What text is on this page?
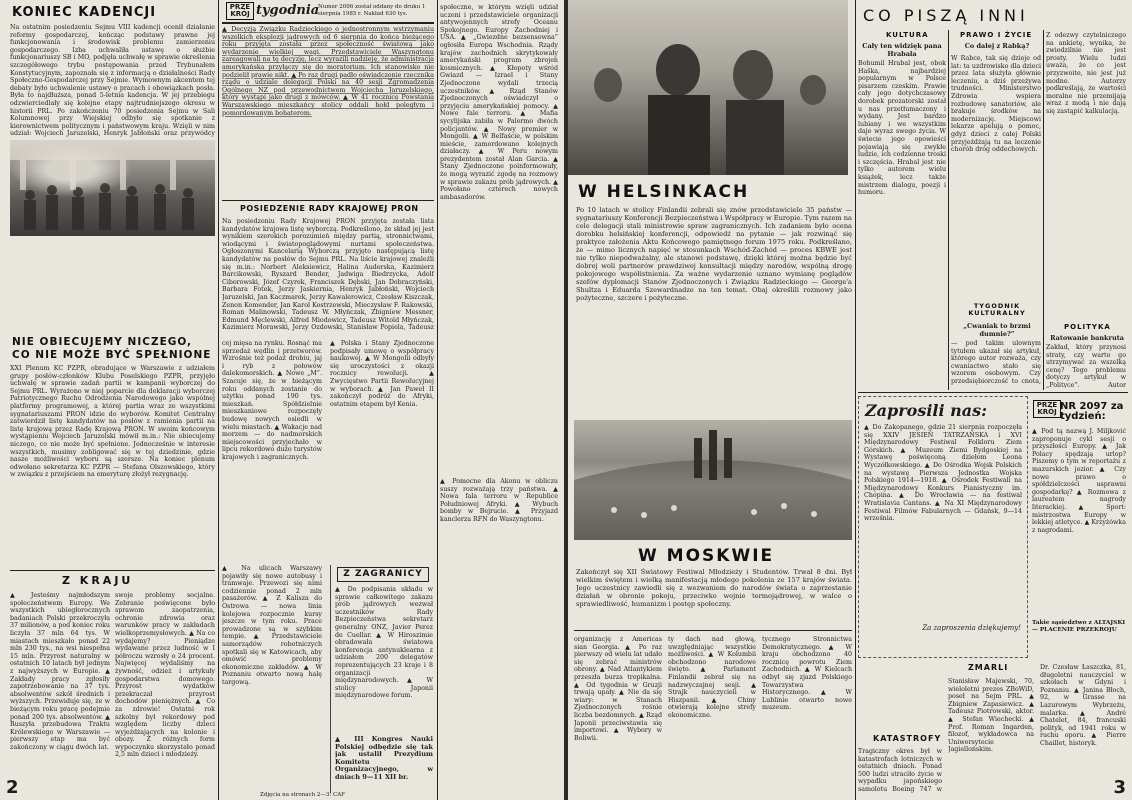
KONIEC KADENCJI
Na ostatnim posiedzeniu Sejmu VIII kadencji ocenił działanie reformy gospodarczej, kończąc podstawy prawne jej funkcjonowania i środowisk problemu zamierzeniu gospodarczego. Izba uchwaliła ustawę o służbie funkcjonariuszy SB i MO, podjęła uchwałę w sprawie określenia szczegółowego trybu postępowania przed Trybunałem Konstytucyjnym, zapoznała się z informacją o działalności Rady Społeczno-Gospodarczej przy Sejmie. Wymownym akcentem tej debaty było uchwalenie ustawy o pracach i obowiązkach posła. Była to najdłuższa, ponad 5-letnia kadencja. W jej przebiegu odzwierciedlały się kolejne etapy najtrudniejszego okresu w historii PRL. Po zakończeniu 70 posiedzenia Sejmu w Sali Kolumnowej przy Wiejskiej odbyło się spotkanie z kierownictwem politycznym i państwowym kraju. Wzięli w nim udział: Wojciech Jaruzelski, Henryk Jabłoński oraz przywódcy
NIE OBIECUJEMY NICZEGO,
CO NIE MOŻE BYĆ SPEŁNIONE
XXI Plenum KC PZPR, obradujące w Warszawie z udziałem grupy posłów-członków Klubu Poselskiego PZPR, przyjęło uchwałę w sprawie zadań partii w kampanii wyborczej do Sejmu PRL. Wyrażono w niej poparcie dla deklaracji wyborczej Patriotycznego Ruchu Odrodzenia Narodowego jako wspólnej platformy programowej, a której partia wraz ze wszystkimi sygnatariuszami PRON idzie do wyborów. Komitet Centralny zatwierdził listę kandydatów na posłów z ramienia partii na listę krajową przez Radę Krajową PRON. W swoim końcowym wystąpieniu Wojciech Jaruzelski mówił m.in.: Nie obiecujemy niczego, co nie może być spełnione. Jednocześnie w interesie wszystkich, musimy zobligować się w tej dziedzinie, gdzie nasze możliwości wyboru są szersze. Na koniec plenum odwołano sekretarza KC PZPR — Stefana Olszowskiego, który w związku z przejściem na emeryturę złożył rezygnację.
Z KRAJU
▲ Jesteśmy najmłodszym społeczeństwem Europy. We wszystkich ubiegłorocznych badaniach Polski przekroczyła 37 milionów, a pod koniec roku liczyła 37 mln 64 tys. W miastach mieszkało ponad 22 mln 230 tys., na wsi niespełna 15 mln. Przyrost naturalny w ostatnich 10 latach był jednym z najwyższych w Europie. ▲ Zakłady pracy zgłosiły zapotrzebowanie na 37 tys. absolwentów szkół średnich i wyższych. Przewiduje się, że w bieżącym roku pracę podejmie ponad 200 tys. absolwentów. ▲ Ruszyła przebudowa Traktu Królewskiego w Warszawie — pierwszy etap ma być zakończony w ciągu dwóch lat.
swoje problemy socjalne. Zebranie poświęcone było sprawom zaopatrzenia, ochronie zdrowia oraz warunków pracy w zakładach wielkoprzemysłowych. ▲ Na co wydajemy? Pieniądze wydawane przez ludność w I półroczu wzrosły o 24 procent. Najwięcej wydaliśmy na żywność, odzież i artykuły gospodarstwa domowego. Przyrost wydatków przekraczał przyrost dochodów pieniężnych. ▲ Co za zdrowie! Ostatni rok szkolny był rekordowy pod względem liczby dzieci wyjeżdżających na kolonie i obozy. Z różnych form wypoczynku skorzystało ponad 2,5 mln dzieci i młodzieży.
PRZE
KRÓJ tygodnia
Numer 2096 został oddany do druku 1 sierpnia 1985 r. Nakład 630 tys.
▲ Decyzją Związku Radzieckiego o jednostronnym wstrzymaniu wszelkich eksplozji jądrowych od 6 sierpnia do końca bieżącego roku przyjęta została przez społeczność światową jako wydarzenie wielkiej wagi. Przedstawiciele Waszyngtonu zareagowali na tę decyzję, lecz wyrazili nadzieję, że administracja amerykańska przyłączy się do moratorium. Ich stanowisko nie podzielił prawie nikt. ▲ Po raz drugi padło oświadczenie rzecznika rządu o udziale delegacji Polski na 40 sesji Zgromadzenia Ogólnego NZ pod przewodnictwem Wojciecha Jaruzelskiego, który wystąpi jako drugi z mówców. ▲ W 41 rocznicę Powstania Warszawskiego mieszkańcy stolicy oddali hołd poległym i pomordowanym bohaterom.
POSIEDZENIE RADY KRAJOWEJ PRON
Na posiedzeniu Rady Krajowej PRON przyjęta została lista kandydatów krajowa listę wyborczą. Podkreślono, że skład jej jest wynikiem szerokich porozumień między partią, stronnictwami, wiodącymi i światopoglądowymi nurtami społeczeństwa. Ogłoszonymi Kancelarią Wyborczą przyjęto następującą listę kandydatów na posłów do Sejmu PRL. Na liście krajowej znaleźli się m.in.: Norbert Aleksiewicz, Halina Auderska, Kazimierz Barcikowski, Ryszard Bender, Jadwiga Biedrzycka, Adolf Ciborowski, Józef Czyrek, Franciszek Dębski, Jan Dobraczyński, Barbara Fotek, Jerzy Jaskiernia, Henryk Jabłoński, Wojciech Jaruzelski, Jan Kaczmarek, Jerzy Kawalerowicz, Czesław Kiszczak, Zenon Komender, Jan Karol Kostrzewski, Mieczysław F. Rakowski, Roman Malinowski, Tadeusz W. Młyńczak, Zbigniew Messner, Edmund Męclewski, Alfred Miodowicz, Tadeusz Witold Młyńczak, Kazimierz Morawski, Jerzy Ozdowski, Stanisław Popiela, Tadeusz
cej mięsa na rynku. Rosnąć ma sprzedaż wędlin i przetworów. Wzrośnie też podaż drobiu, jaj i ryb z połowów dalekomorskich. ▲ Nowe „M”. Szacuje się, że w bieżącym roku oddanych zostanie do użytku ponad 190 tys. mieszkań. Spółdzielnie mieszkaniowe rozpoczęły budowę nowych osiedli w wielu miastach. ▲ Wakacje nad morzem — do nadmorskich miejscowości przyjechało w lipcu rekordowo dużo turystów krajowych i zagranicznych.
▲ Polska i Stany Zjednoczone podpisały umowę o współpracy naukowej. ▲ W Mongolii odbyły się uroczystości z okazji rocznicy rewolucji. ▲ Zwycięstwo Partii Rewolucyjnej w wyborach. ▲ Jan Paweł II zakończył podróż do Afryki, ostatnim etapem był Kenia.
▲ Na ulicach Warszawy pojawiły się nowe autobusy i tramwaje. Przewozi się nimi codziennie ponad 2 mln pasażerów. ▲ Z Kalisza do Ostrowa — nowa linia kolejowa rozpocznie kursy jeszcze w tym roku. Prace prowadzone są w szybkim tempie. ▲ Przedstawiciele samorządów robotniczych spotkali się w Katowicach, aby omówić problemy ekonomiczne zakładów. ▲ W Poznaniu otwarto nową halę targową.
Z ZAGRANICY
▲ Do podpisania układu w sprawie całkowitego zakazu prób jądrowych wezwał uczestników Rady Bezpieczeństwa sekretarz generalny ONZ, Javier Perez de Cuellar. ▲ W Hiroszimie obradowała światowa konferencja antynuklearna z udziałem 200 delegatów reprezentujących 23 kraje i 8 organizacji międzynarodowych. ▲ W stolicy Japonii międzynarodowe forum.
▲ III Kongres Nauki Polskiej odbędzie się tak jak ustalił Prezydium Komitetu Organizacyjnego, w dniach 9—11 XII br.
społeczne, w którym wzięli udział uczeni i przedstawiciele organizacji antywojennych strefy Oceanu Spokojnego. Europy Zachodniej i USA. ▲ „Gwiezdne bezsensowna” ogłosiła Europa Wschodnia. Rządy krajów zachodnich skrytykowały amerykański program zbrojeń kosmicznych. ▲ Kłopoty wśród Gwiazd — Izrael i Stany Zjednoczone wydali trzecią uczestników. ▲ Rząd Stanów Zjednoczonych oświadczył o przyjęciu amerykańskiej pomocy. ▲ Nowe fale terroru. ▲ Mafia sycylijska zabiła w Palermo dwóch policjantów. ▲ Nowy premier w Mongolii. ▲ W Belfaście, w polskim mieście, zamordowano kolejnych działaczy. ▲ W Peru nowym prezydentem został Alan Garcia. ▲ Stany Zjednoczone poinformowały, że mogą wyrazić zgodę na rozmowy w sprawie zakazu prób jądrowych. ▲ Powołano czterech nowych ambasadorów.
▲ Pomocne dla Akonu w obliczu suszy rozważają trzy państwa. ▲ Nowa fala terroru w Republice Południowej Afryki. ▲ Wybuch bomby w Bejrucie. ▲ Przyjazd kanclerza RFN do Waszyngtonu.
2	Zdjęcia na stronach 2—3: CAF
W HELSINKACH
Po 10 latach w stolicy Finlandii zebrali się znów przedstawiciele 35 państw — sygnatariuszy Konferencji Bezpieczeństwa i Współpracy w Europie. Tym razem na cele delegacji stali ministrowie spraw zagranicznych. Ich zadaniem było ocena dorobku helsińskiej konferencji, odpowiedź na pytanie — jak rozwinąć się praktyce założenia Aktu Końcowego pamiętnego forum 1975 roku. Podkreślano, że — mimo licznych napięć w stosunkach Wschód-Zachód — proces KBWE jest nie tylko niepodważalny, ale stanowi podstawę, dzięki której można będzie być dobrej woli partnerów prawdziwej konsultacji między narodów, wspólną drogę pokojowego współistnienia. Za ważne wydarzenie uznano wymianę poglądów szefów dyplomacji Stanów Zjednoczonych i Związku Radzieckiego — George'a Shultza i Eduarda Szewardnadze na ten temat. Obaj określili rozmowy jako pożyteczne, szczere i pożyteczne.
W MOSKWIE
Zakończył się XII Światowy Festiwal Młodzieży i Studentów. Trwał 8 dni. Był wielkim świętem i wielką manifestacją młodego pokolenia ze 157 krajów świata. Jego uczestnicy zawiedli się z wezwaniem do narodów świata o zaprzestanie działań w obronie pokoju, przeciwko wojnie termojądrowej, w walce o sprawiedliwość, humanizm i postęp społeczny.
organizację z Americas sian Georgia. ▲ Po raz pierwszy od wielu lat udało się zebrać ministrów obrony. ▲ Nad Atlantykiem przeszła burza tropikalna. ▲ Od tygodnia w Gruzji trwają upały. ▲ Nie da się wiary: w Stanach Zjednoczonych rośnie liczba bezdomnych. ▲ Rząd Japonii przeciwstawia się importowi. ▲ Wybory w Boliwii.
ty dach nad głową, uwzględniając wszystkie możliwości. ▲ W Kolumbii obchodzono narodowe święto. ▲ Parlament Finlandii zebrał się na nadzwyczajnej sesji. ▲ Strajk nauczycieli w Hiszpanii. ▲ Chiny otwierają kolejne strefy ekonomiczne.
tycznego Stronnictwa Demokratycznego. ▲ W kraju obchodzono 40 rocznicę powrotu Ziem Zachodnich. ▲ W Kielcach odbył się zjazd Polskiego Towarzystwa Historycznego. ▲ W Lublinie otwarto nowe muzeum.
CO PISZĄ INNI
KULTURA
Cały ten widzięk pana Hrabala
Bohumil Hrabal jest, obok Haška, najbardziej popularnym w Polsce pisarzem czeskim. Prawie cały jego dotychczasowy dorobek prozatorski został u nas przetłumaczony i wydany. Jest bardzo lubiany i we wszystkim daje wyraz swego życia. W świecie jego opowieści pojawiają się zwykłe ludzie, ich codzienne troski i szczęścia. Hrabal jest nie tylko autorem wielu książek, lecz także mistrzem dialogu, poezji i humoru.
PRAWO I ŻYCIE
Co dalej z Rabką?
W Rabce, tak się dzieje od lat: ta uzdrowisko dla dzieci przez lata służyła głównie leczeniu, a dziś przeżywa trudności. Ministerstwo Zdrowia wspiera rozbudowę sanatoriów, ale brakuje środków na modernizację. Miejscowi lekarze apelują o pomoc, gdyż dzieci z całej Polski przyjeżdżają tu na leczenie chorób dróg oddechowych.
TYGODNIK KULTURALNY
„Cwaniak to brzmi dumnie?”
— pod takim ulownym tytułem ukazał się artykuł, którego autor rozważa, czy cwaniactwo stało się wzorem osobowym. Czy przedsiębiorczość to cnota,
Z odezwy czytelniczego na ankietę, wynika, że zwiodzilnie nie jest prosty. Wielu ludzi uważa, że co jest przyzwoite, nie jest już modne. Autorzy podkreślają, że wartości moralne nie przemijają wraz z modą i nie dają się zastąpić kalkulacją.
POLITYKA
Ratowanie bankruta
Zakład, który przynosi straty, czy warto go utrzymywać za wszelką cenę? Tego problemu dotyczy artykuł w „Polityce”. Autor
Zaprosili nas:
▲ Do Zakopanego, gdzie 21 sierpnia rozpoczęła się XXIV JESIEŃ TATRZAŃSKA i XVI Międzynarodowy Festiwal Folkloru Ziem Górskich. ▲ Muzeum Ziemi Bydgoskiej na Wystawę poświęconą dziełom Leona Wyczółkowskiego. ▲ Do Ośrodka Wojsk Polskich na wystawę Pierwsza Jednostka Wojska Polskiego 1914—1918. ▲ Ośrodek Festiwali na Międzynarodowy Konkurs Pianistyczny im. Chopina. ▲ Do Wrocławia — na festiwal Wratislavia Cantans. ▲ Na XI Międzynarodowy Festiwal Filmów Fabularnych — Gdańsk, 9—14 września.
Za zaproszenia dziękujemy!
PRZE
KRÓJ NR 2097 za tydzień:
▲ Pod tą nazwą J. Miljković zaproponuje cykl sesji o przyszłości Europy. ▲ Jak Polacy spędzają urlop? Piszemy o tym w reportażu z mazurskich jezior. ▲ Czy nowe prawo o spółdzielczości usprawni gospodarkę? ▲ Rozmowa z laureatem nagrody literackiej. ▲ Sport: mistrzostwa Europy w lekkiej atletyce. ▲ Krzyżówka z nagrodami.
Takie sąsiedztwo z ALTAJSKI — PLACENIE PRZEKROJU
KATASTROFY
Tragiczny okres był w katastrofach lotniczych w ostatnich dniach. Ponad 500 ludzi straciło życie w wypadku japońskiego samolotu Boeing 747 w
ZMARLI
Stanisław Majewski, 70, wieloletni prezes ZBoWiD, poseł na Sejm PRL. ▲ Zbigniew Zapasiewicz. ▲ Tadeusz Piotrowski, aktor. ▲ Stefan Wiechecki. ▲ Prof. Roman Ingarden, filozof, wykładowca na Uniwersytecie Jagiellońskim.
Dr. Czesław Łaszczka, 81, długoletni nauczyciel w szkołach w Gdyni i Poznaniu. ▲ Janina Błoch, 92, w Grasse na Lazurowym Wybrzeżu, malarka. ▲ André Chatelet, 84, francuski polityk, od 1941 roku w ruchu oporu. ▲ Pierre Chaillet, historyk.
3
